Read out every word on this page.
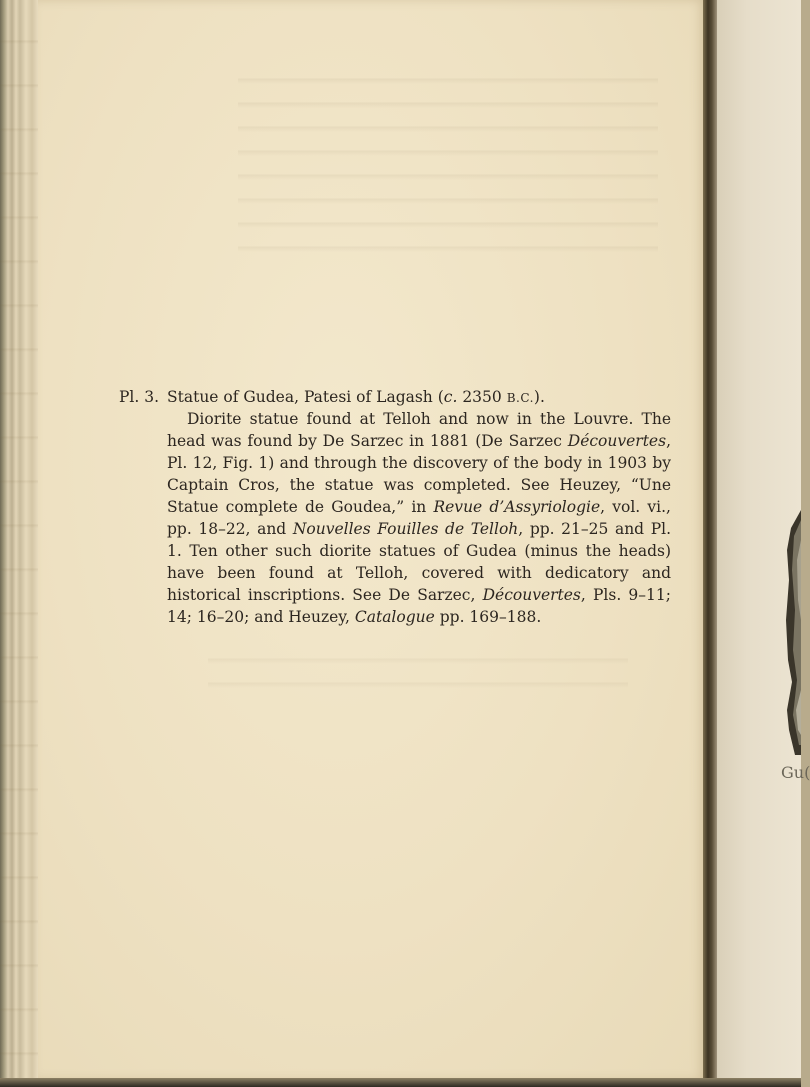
Pl. 3. Statue of Gudea, Patesi of Lagash (c. 2350 B.C.).
Diorite statue found at Telloh and now in the Louvre. The head was found by De Sarzec in 1881 (De Sarzec Découvertes, Pl. 12, Fig. 1) and through the discovery of the body in 1903 by Captain Cros, the statue was completed. See Heuzey, “Une Statue complete de Goudea,” in Revue d’Assyriologie, vol. vi., pp. 18–22, and Nouvelles Fouilles de Telloh, pp. 21–25 and Pl. 1. Ten other such diorite statues of Gudea (minus the heads) have been found at Telloh, covered with dedicatory and historical inscriptions. See De Sarzec, Découvertes, Pls. 9–11; 14; 16–20; and Heuzey, Catalogue pp. 169–188.
Gu(
